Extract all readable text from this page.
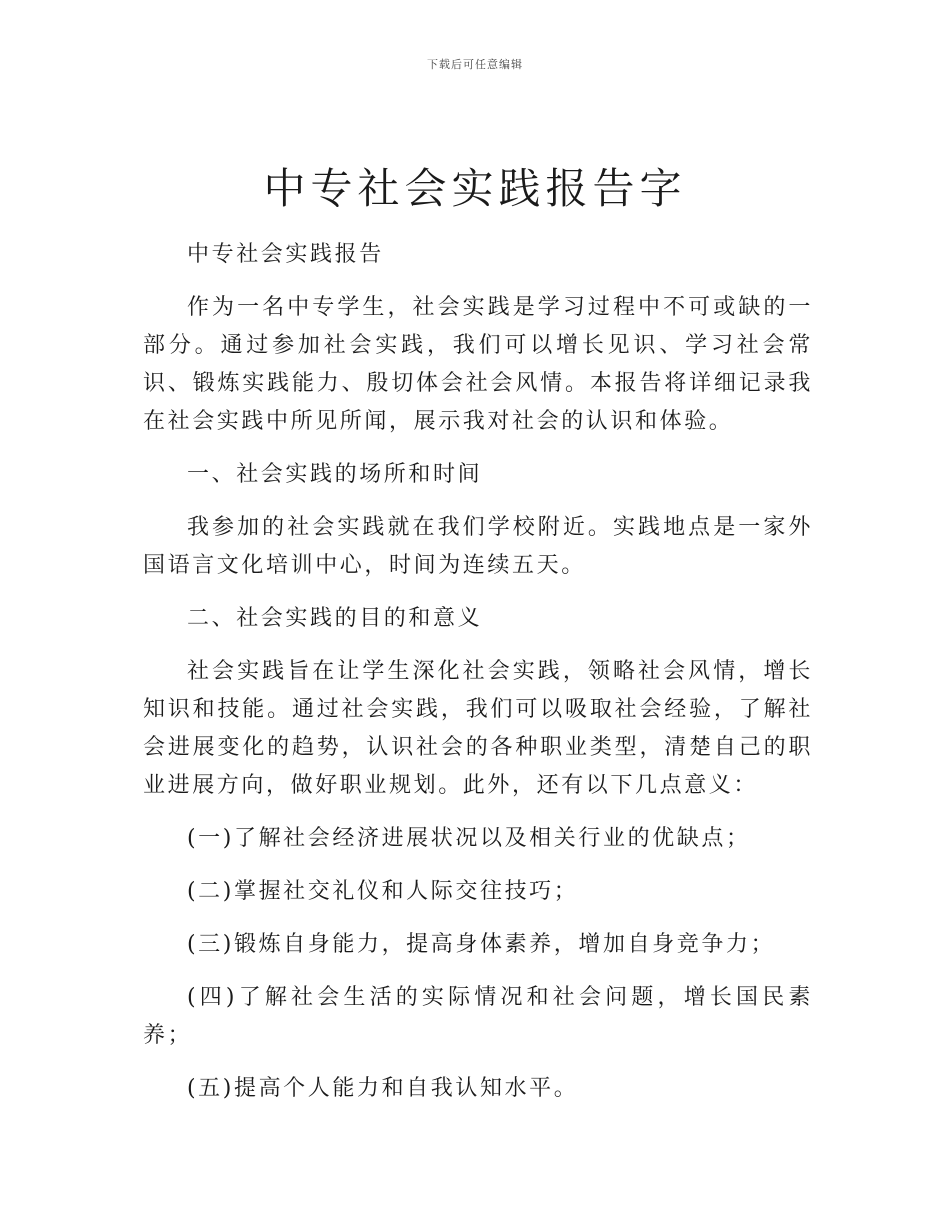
下载后可任意编辑
中专社会实践报告字

中专社会实践报告

作为一名中专学生，社会实践是学习过程中不可或缺的一部分。通过参加社会实践，我们可以增长见识、学习社会常识、锻炼实践能力、殷切体会社会风情。本报告将详细记录我在社会实践中所见所闻，展示我对社会的认识和体验。

一、社会实践的场所和时间

我参加的社会实践就在我们学校附近。实践地点是一家外国语言文化培训中心，时间为连续五天。

二、社会实践的目的和意义

社会实践旨在让学生深化社会实践，领略社会风情，增长知识和技能。通过社会实践，我们可以吸取社会经验，了解社会进展变化的趋势，认识社会的各种职业类型，清楚自己的职业进展方向，做好职业规划。此外，还有以下几点意义：

(一)了解社会经济进展状况以及相关行业的优缺点；

(二)掌握社交礼仪和人际交往技巧；

(三)锻炼自身能力，提高身体素养，增加自身竞争力；

(四)了解社会生活的实际情况和社会问题，增长国民素养；

(五)提高个人能力和自我认知水平。
